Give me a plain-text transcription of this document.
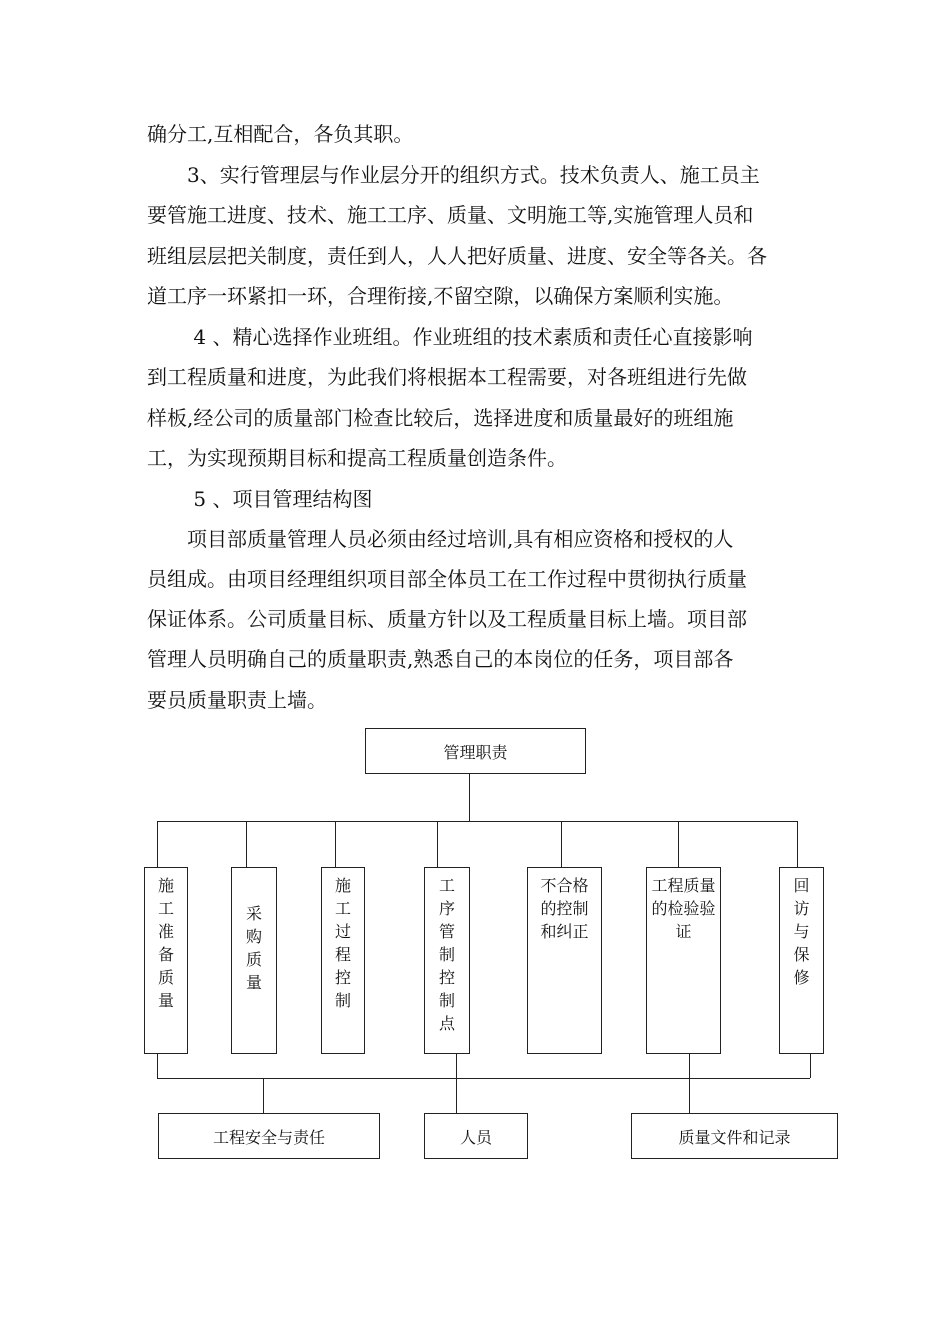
确分工,互相配合，各负其职。
　　3、实行管理层与作业层分开的组织方式。技术负责人、施工员主
要管施工进度、技术、施工工序、质量、文明施工等,实施管理人员和
班组层层把关制度，责任到人，人人把好质量、进度、安全等各关。各
道工序一环紧扣一环，合理衔接,不留空隙，以确保方案顺利实施。
　　 4 、精心选择作业班组。作业班组的技术素质和责任心直接影响
到工程质量和进度，为此我们将根据本工程需要，对各班组进行先做
样板,经公司的质量部门检查比较后，选择进度和质量最好的班组施
工，为实现预期目标和提高工程质量创造条件。
　　 5 、项目管理结构图
　　项目部质量管理人员必须由经过培训,具有相应资格和授权的人
员组成。由项目经理组织项目部全体员工在工作过程中贯彻执行质量
保证体系。公司质量目标、质量方针以及工程质量目标上墙。项目部
管理人员明确自己的质量职责,熟悉自己的本岗位的任务，项目部各
要员质量职责上墙。
管理职责
施
工
准
备
质
量
采
购
质
量
施
工
过
程
控
制
工
序
管
制
控
制
点
不合格
的控制
和纠正
工程质量
的检验验
证
回
访
与
保
修
工程安全与责任	人员	质量文件和记录
